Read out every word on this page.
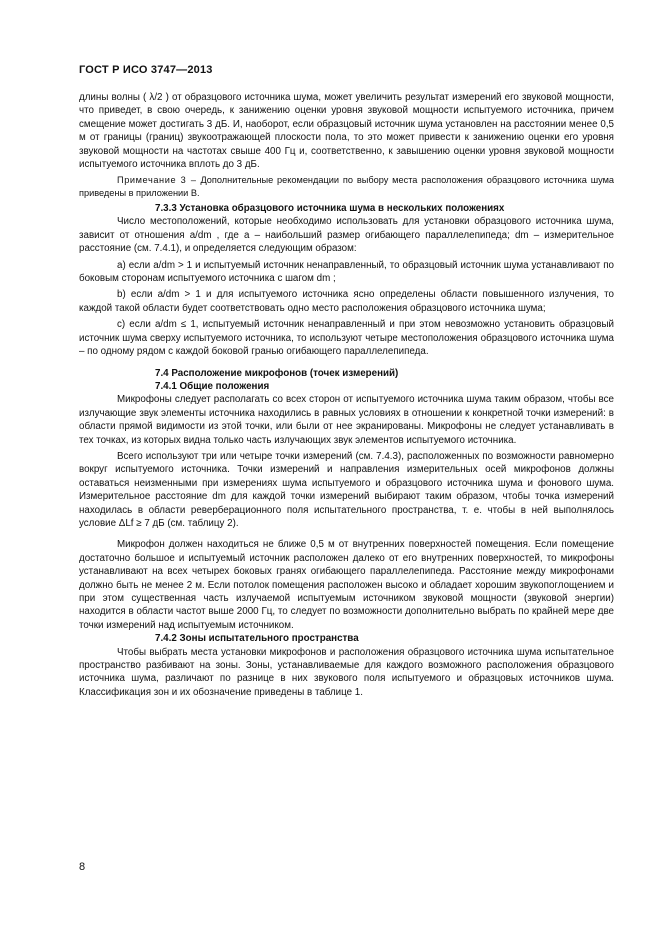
ГОСТ Р ИСО 3747—2013

длины волны ( λ/2 ) от образцового источника шума, может увеличить результат измерений его звуковой мощности, что приведет, в свою очередь, к занижению оценки уровня звуковой мощности испытуемого источника, причем смещение может достигать 3 дБ. И, наоборот, если образцовый источник шума установлен на расстоянии менее 0,5 м от границы (границ) звукоотражающей плоскости пола, то это может привести к занижению оценки его уровня звуковой мощности на частотах свыше 400 Гц и, соответственно, к завышению оценки уровня звуковой мощности испытуемого источника вплоть до 3 дБ.

Примечание 3 – Дополнительные рекомендации по выбору места расположения образцового источника шума приведены в приложении В.

7.3.3 Установка образцового источника шума в нескольких положениях

Число местоположений, которые необходимо использовать для установки образцового источника шума, зависит от отношения a/dm , где a – наибольший размер огибающего параллелепипеда; dm – измерительное расстояние (см. 7.4.1), и определяется следующим образом:

а) если a/dm > 1 и испытуемый источник ненаправленный, то образцовый источник шума устанавливают по боковым сторонам испытуемого источника с шагом dm ;

b) если a/dm > 1 и для испытуемого источника ясно определены области повышенного излучения, то каждой такой области будет соответствовать одно место расположения образцового источника шума;

с) если a/dm ≤ 1, испытуемый источник ненаправленный и при этом невозможно установить образцовый источник шума сверху испытуемого источника, то используют четыре местоположения образцового источника шума – по одному рядом с каждой боковой гранью огибающего параллелепипеда.

7.4 Расположение микрофонов (точек измерений)

7.4.1 Общие положения

Микрофоны следует располагать со всех сторон от испытуемого источника шума таким образом, чтобы все излучающие звук элементы источника находились в равных условиях в отношении к конкретной точки измерений: в области прямой видимости из этой точки, или были от нее экранированы. Микрофоны не следует устанавливать в тех точках, из которых видна только часть излучающих звук элементов испытуемого источника.

Всего используют три или четыре точки измерений (см. 7.4.3), расположенных по возможности равномерно вокруг испытуемого источника. Точки измерений и направления измерительных осей микрофонов должны оставаться неизменными при измерениях шума испытуемого и образцового источника шума и фонового шума. Измерительное расстояние dm для каждой точки измерений выбирают таким образом, чтобы точка измерений находилась в области реверберационного поля испытательного пространства, т. е. чтобы в ней выполнялось условие ΔLf ≥ 7 дБ (см. таблицу 2).

Микрофон должен находиться не ближе 0,5 м от внутренних поверхностей помещения. Если помещение достаточно большое и испытуемый источник расположен далеко от его внутренних поверхностей, то микрофоны устанавливают на всех четырех боковых гранях огибающего параллелепипеда. Расстояние между микрофонами должно быть не менее 2 м. Если потолок помещения расположен высоко и обладает хорошим звукопоглощением и при этом существенная часть излучаемой испытуемым источником звуковой мощности (звуковой энергии) находится в области частот выше 2000 Гц, то следует по возможности дополнительно выбрать по крайней мере две точки измерений над испытуемым источником.

7.4.2 Зоны испытательного пространства

Чтобы выбрать места установки микрофонов и расположения образцового источника шума испытательное пространство разбивают на зоны. Зоны, устанавливаемые для каждого возможного расположения образцового источника шума, различают по разнице в них звукового поля испытуемого и образцовых источников шума. Классификация зон и их обозначение приведены в таблице 1.

8
